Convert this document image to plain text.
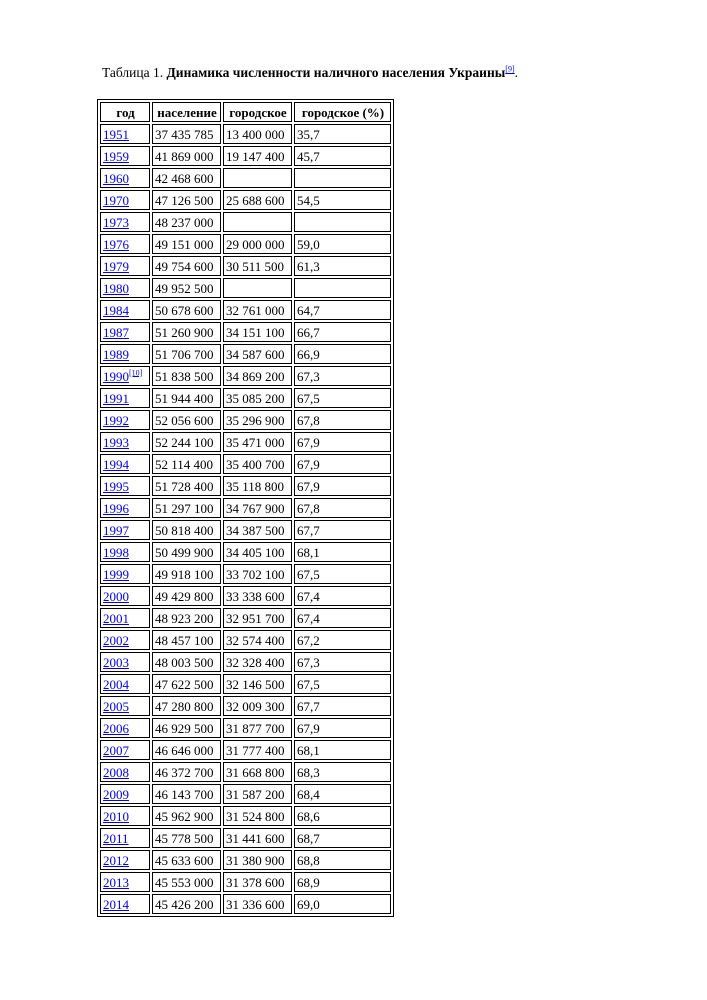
Таблица 1. Динамика численности наличного населения Украины[9].
год	население	городское	городское (%)
1951	37 435 785	13 400 000	35,7
1959	41 869 000	19 147 400	45,7
1960	42 468 600		
1970	47 126 500	25 688 600	54,5
1973	48 237 000		
1976	49 151 000	29 000 000	59,0
1979	49 754 600	30 511 500	61,3
1980	49 952 500		
1984	50 678 600	32 761 000	64,7
1987	51 260 900	34 151 100	66,7
1989	51 706 700	34 587 600	66,9
1990[10]	51 838 500	34 869 200	67,3
1991	51 944 400	35 085 200	67,5
1992	52 056 600	35 296 900	67,8
1993	52 244 100	35 471 000	67,9
1994	52 114 400	35 400 700	67,9
1995	51 728 400	35 118 800	67,9
1996	51 297 100	34 767 900	67,8
1997	50 818 400	34 387 500	67,7
1998	50 499 900	34 405 100	68,1
1999	49 918 100	33 702 100	67,5
2000	49 429 800	33 338 600	67,4
2001	48 923 200	32 951 700	67,4
2002	48 457 100	32 574 400	67,2
2003	48 003 500	32 328 400	67,3
2004	47 622 500	32 146 500	67,5
2005	47 280 800	32 009 300	67,7
2006	46 929 500	31 877 700	67,9
2007	46 646 000	31 777 400	68,1
2008	46 372 700	31 668 800	68,3
2009	46 143 700	31 587 200	68,4
2010	45 962 900	31 524 800	68,6
2011	45 778 500	31 441 600	68,7
2012	45 633 600	31 380 900	68,8
2013	45 553 000	31 378 600	68,9
2014	45 426 200	31 336 600	69,0
